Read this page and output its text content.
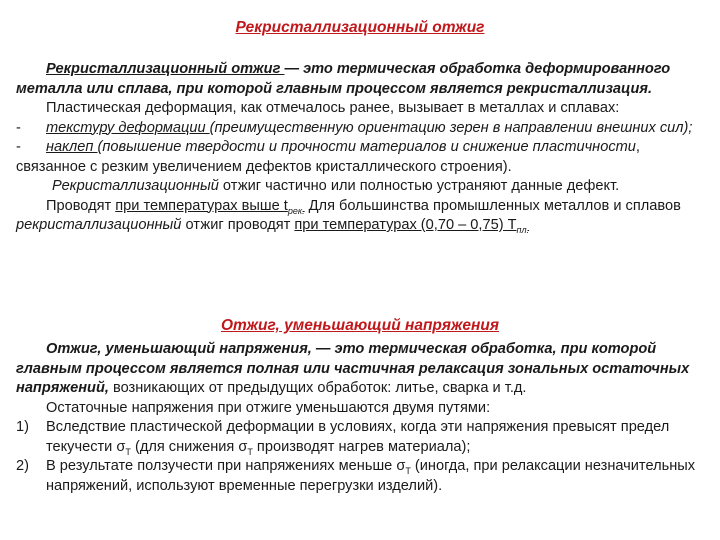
Рекристаллизационный отжиг

Рекристаллизационный отжиг — это термическая обработка деформированного металла или сплава, при которой главным процессом является рекристаллизация.

Пластическая деформация, как отмечалось ранее, вызывает в металлах и сплавах:

- текстуру деформации (преимущественную ориентацию зерен в направлении внешних сил);

- наклеп (повышение твердости и прочности материалов и снижение пластичности, связанное с резким увеличением дефектов кристаллического строения).

Рекристаллизационный отжиг частично или полностью устраняют данные дефект.

Проводят при температурах выше $t_{рек.}$ Для большинства промышленных металлов и сплавов рекристаллизационный отжиг проводят при температурах (0,70 – 0,75) $Т_{пл.}$

Отжиг, уменьшающий напряжения

Отжиг, уменьшающий напряжения, — это термическая обработка, при которой главным процессом является полная или частичная релаксация зональных остаточных напряжений, возникающих от предыдущих обработок: литье, сварка и т.д.

Остаточные напряжения при отжиге уменьшаются двумя путями:

1)	Вследствие пластической деформации в условиях, когда эти напряжения превысят предел текучести $\sigma_Т$ (для снижения $\sigma_Т$ производят нагрев материала);
2)	В результате ползучести при напряжениях меньше $\sigma_Т$ (иногда, при релаксации незначительных напряжений, используют временные перегрузки изделий).
